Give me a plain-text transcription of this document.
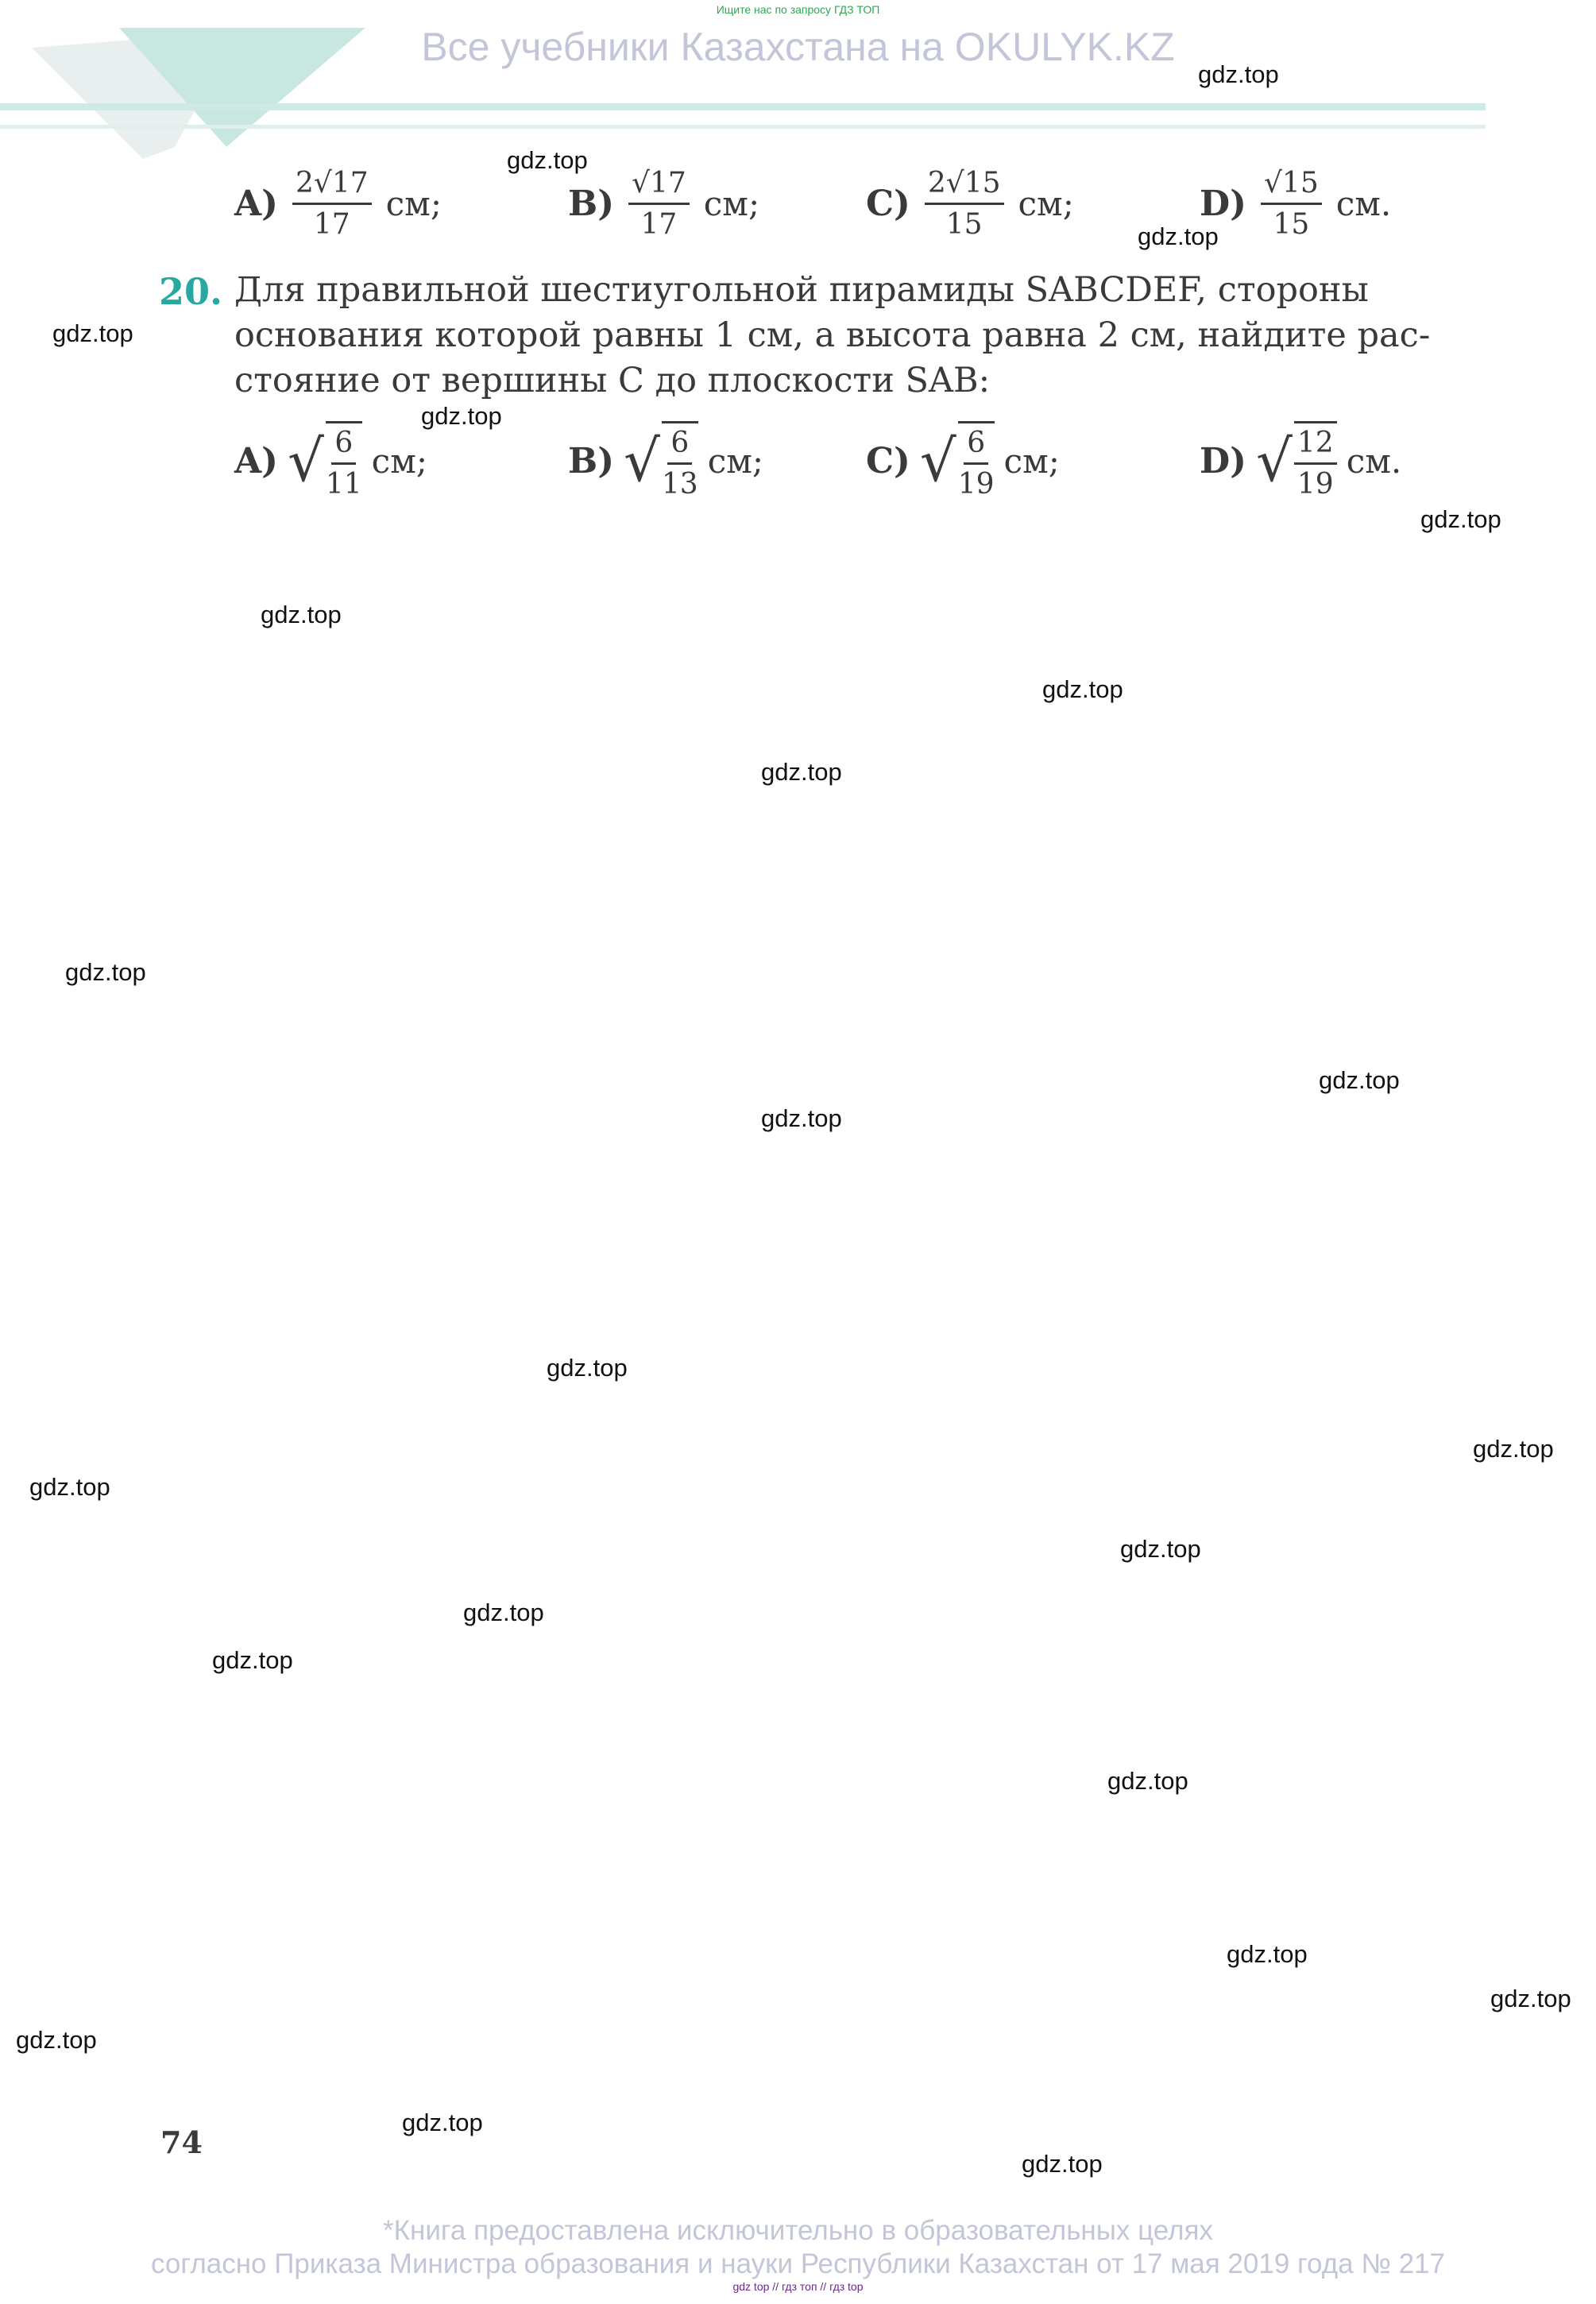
Ищите нас по запросу ГДЗ ТОП
Все учебники Казахстана на OKULYK.KZ
$A) \frac{2√17}{17}$ см;	$B) \frac{√17}{17}$ см;	$C) \frac{2√15}{15}$ см;	$D) \frac{√15}{15}$ см.
20. Для правильной шестиугольной пирамиды SABCDEF, стороны
основания которой равны 1 см, а высота равна 2 см, найдите рас-
стояние от вершины C до плоскости SAB:
A) √ $\frac{6}{11}$ см;	B) √ $\frac{6}{13}$ см;	C) √ $\frac{6}{19}$ см;	D) √ $\frac{12}{19}$ см.
gdz.top
gdz.top
gdz.top
gdz.top
gdz.top
gdz.top
gdz.top
gdz.top
gdz.top
gdz.top
gdz.top
gdz.top
gdz.top
gdz.top
gdz.top
gdz.top
gdz.top
gdz.top
gdz.top
gdz.top
gdz.top
gdz.top
gdz.top
gdz.top
74
*Книга предоставлена исключительно в образовательных целях
согласно Приказа Министра образования и науки Республики Казахстан от 17 мая 2019 года № 217
gdz top // гдз топ // гдз top
